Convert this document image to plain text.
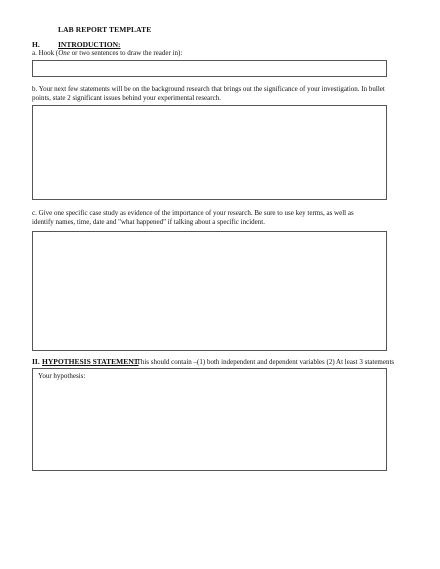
LAB REPORT TEMPLATE
H. INTRODUCTION:
a. Hook (One or two sentences to draw the reader in):
b. Your next few statements will be on the background research that brings out the significance of your investigation. In bullet
points, state 2 significant issues behind your experimental research.
c. Give one specific case study as evidence of the importance of your research. Be sure to use key terms, as well as
identify names, time, date and "what happened" if talking about a specific incident.
II. HYPOTHESIS STATEMENT
: This should contain –(1) both independent and dependent variables (2) At least 3 statements
Your hypothesis:
